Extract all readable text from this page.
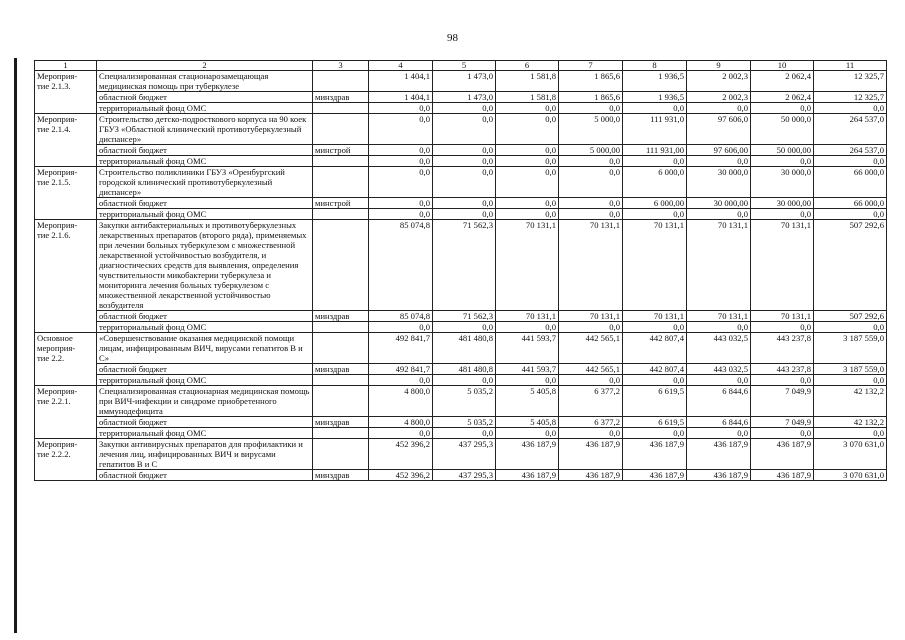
98
1	2	3	4	5	6	7	8	9	10	11
Мероприя-
тие 2.1.3.	Специализированная стационарозамещающая медицинская помощь при туберкулезе		1 404,1	1 473,0	1 581,8	1 865,6	1 936,5	2 002,3	2 062,4	12 325,7
	областной бюджет	минздрав	1 404,1	1 473,0	1 581,8	1 865,6	1 936,5	2 002,3	2 062,4	12 325,7
	территориальный фонд ОМС		0,0	0,0	0,0	0,0	0,0	0,0	0,0	0,0
Мероприя-
тие 2.1.4.	Строительство детско-подросткового корпуса на 90 коек ГБУЗ «Областной клинический противотуберкулезный диспансер»		0,0	0,0	0,0	5 000,0	111 931,0	97 606,0	50 000,0	264 537,0
	областной бюджет	минстрой	0,0	0,0	0,0	5 000,00	111 931,00	97 606,00	50 000,00	264 537,0
	территориальный фонд ОМС		0,0	0,0	0,0	0,0	0,0	0,0	0,0	0,0
Мероприя-
тие 2.1.5.	Строительство поликлиники ГБУЗ «Оренбургский городской клинический противотуберкулезный диспансер»		0,0	0,0	0,0	0,0	6 000,0	30 000,0	30 000,0	66 000,0
	областной бюджет	минстрой	0,0	0,0	0,0	0,0	6 000,00	30 000,00	30 000,00	66 000,0
	территориальный фонд ОМС		0,0	0,0	0,0	0,0	0,0	0,0	0,0	0,0
Мероприя-
тие 2.1.6.	Закупки антибактериальных и противотуберкулезных лекарственных препаратов (второго ряда), применяемых при лечении больных туберкулезом с множественной лекарственной устойчивостью возбудителя, и диагностических средств для выявления, определения чувствительности микобактерии туберкулеза и мониторинга лечения больных туберкулезом с множественной лекарственной устойчивостью возбудителя		85 074,8	71 562,3	70 131,1	70 131,1	70 131,1	70 131,1	70 131,1	507 292,6
	областной бюджет	минздрав	85 074,8	71 562,3	70 131,1	70 131,1	70 131,1	70 131,1	70 131,1	507 292,6
	территориальный фонд ОМС		0,0	0,0	0,0	0,0	0,0	0,0	0,0	0,0
Основное
мероприя-
тие 2.2.	«Совершенствование оказания медицинской помощи лицам, инфицированным ВИЧ, вирусами гепатитов В и С»		492 841,7	481 480,8	441 593,7	442 565,1	442 807,4	443 032,5	443 237,8	3 187 559,0
	областной бюджет	минздрав	492 841,7	481 480,8	441 593,7	442 565,1	442 807,4	443 032,5	443 237,8	3 187 559,0
	территориальный фонд ОМС		0,0	0,0	0,0	0,0	0,0	0,0	0,0	0,0
Мероприя-
тие 2.2.1.	Специализированная стационарная медицинская помощь при ВИЧ-инфекции и синдроме приобретенного иммунодефицита		4 800,0	5 035,2	5 405,8	6 377,2	6 619,5	6 844,6	7 049,9	42 132,2
	областной бюджет	минздрав	4 800,0	5 035,2	5 405,8	6 377,2	6 619,5	6 844,6	7 049,9	42 132,2
	территориальный фонд ОМС		0,0	0,0	0,0	0,0	0,0	0,0	0,0	0,0
Мероприя-
тие 2.2.2.	Закупки антивирусных препаратов для профилактики и лечения лиц, инфицированных ВИЧ и вирусами гепатитов В и С		452 396,2	437 295,3	436 187,9	436 187,9	436 187,9	436 187,9	436 187,9	3 070 631,0
	областной бюджет	минздрав	452 396,2	437 295,3	436 187,9	436 187,9	436 187,9	436 187,9	436 187,9	3 070 631,0
